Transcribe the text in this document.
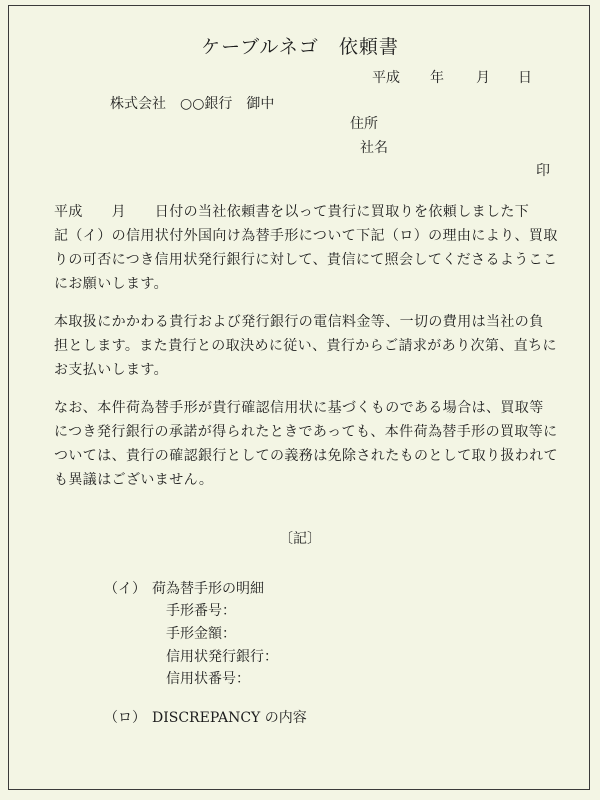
ケーブルネゴ　依頼書
平成 年 月 日
株式会社　○○銀行　御中
住所
社名
印
平成　　月　　日付の当社依頼書を以って貴行に買取りを依頼しました下
記（イ）の信用状付外国向け為替手形について下記（ロ）の理由により、買取
りの可否につき信用状発行銀行に対して、貴信にて照会してくださるようここ
にお願いします。
本取扱にかかわる貴行および発行銀行の電信料金等、一切の費用は当社の負
担とします。また貴行との取決めに従い、貴行からご請求があり次第、直ちに
お支払いします。
なお、本件荷為替手形が貴行確認信用状に基づくものである場合は、買取等
につき発行銀行の承諾が得られたときであっても、本件荷為替手形の買取等に
ついては、貴行の確認銀行としての義務は免除されたものとして取り扱われて
も異議はございません。
〔記〕
（イ） 荷為替手形の明細
手形番号：
手形金額：
信用状発行銀行：
信用状番号：
（ロ） DISCREPANCY の内容
